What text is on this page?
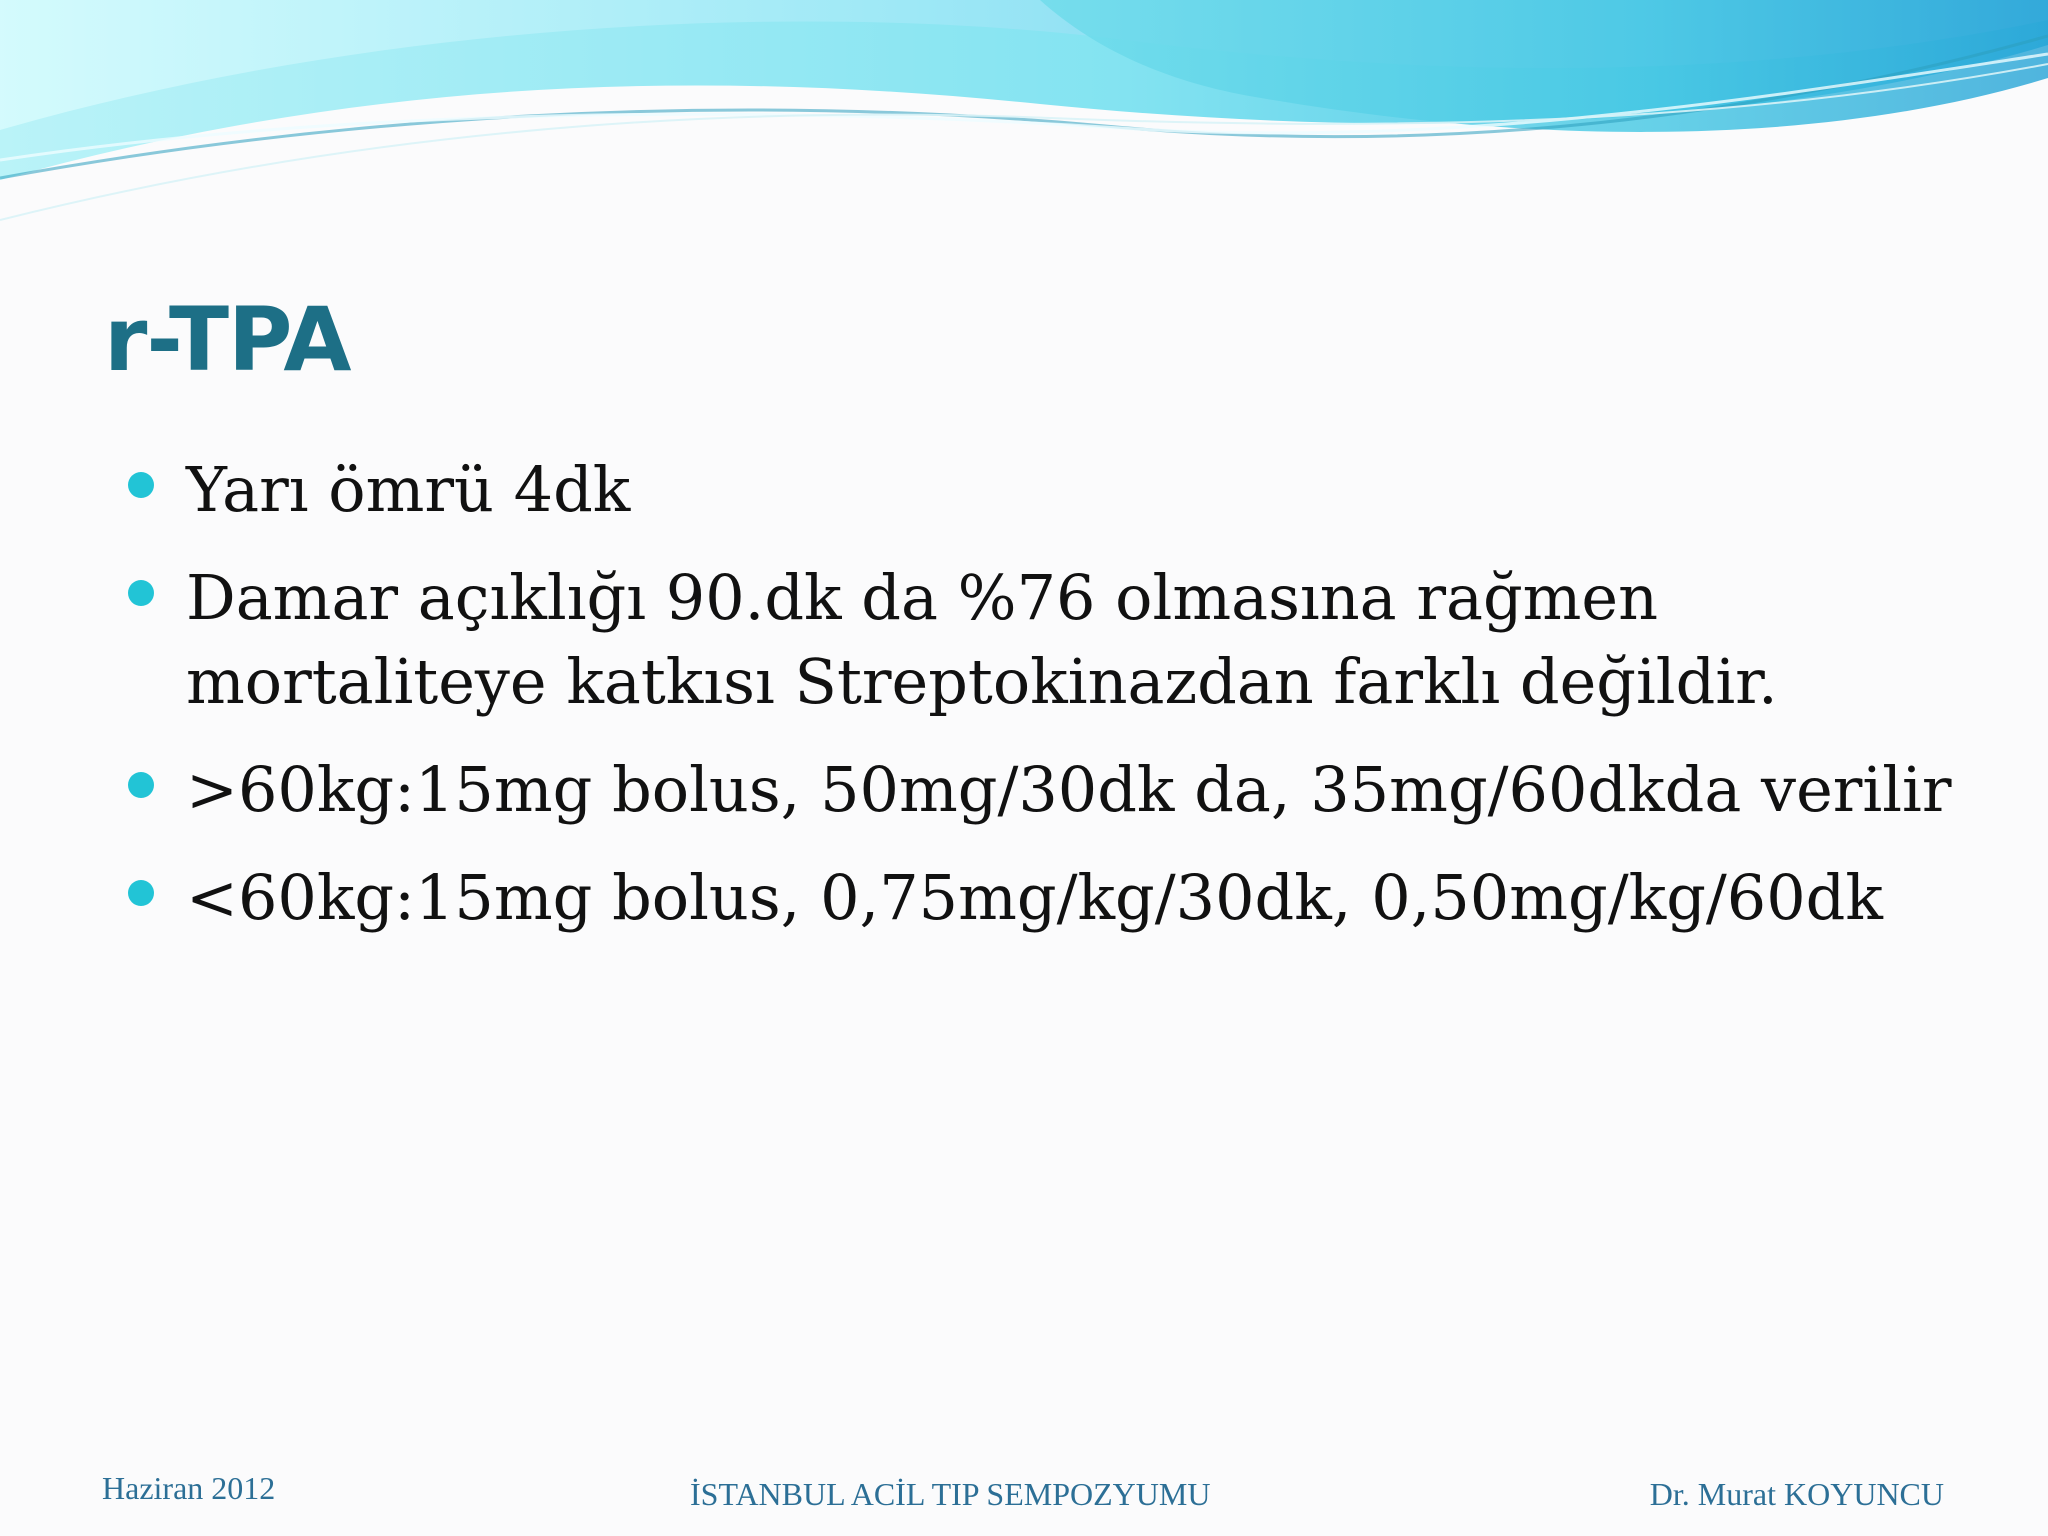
r-TPA
Yarı ömrü 4dk
Damar açıklığı 90.dk da %76 olmasına rağmen mortaliteye katkısı Streptokinazdan farklı değildir.
>60kg:15mg bolus, 50mg/30dk da, 35mg/60dkda verilir
<60kg:15mg bolus, 0,75mg/kg/30dk, 0,50mg/kg/60dk
Haziran 2012	İSTANBUL ACİL TIP SEMPOZYUMU	Dr. Murat KOYUNCU
